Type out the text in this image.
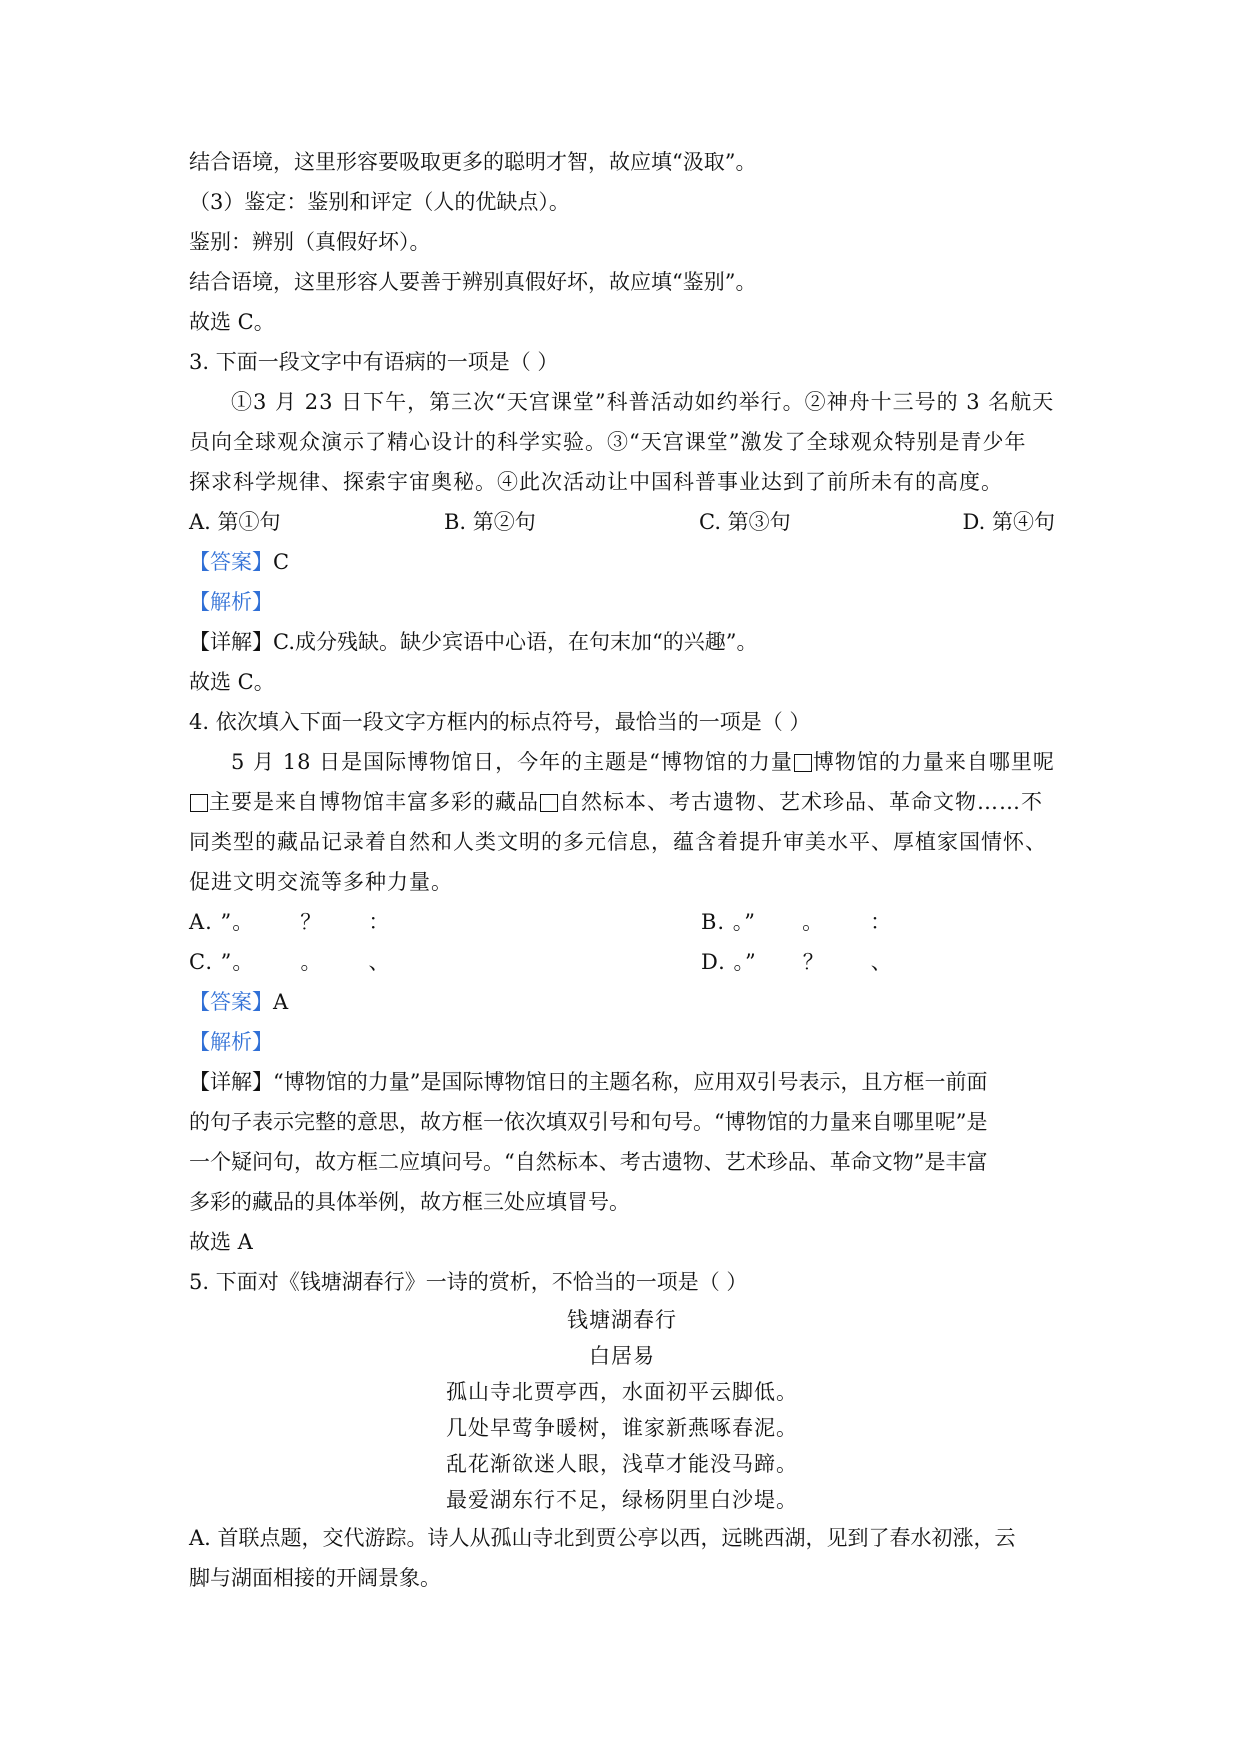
结合语境，这里形容要吸取更多的聪明才智，故应填“汲取”。
（3）鉴定：鉴别和评定（人的优缺点）。
鉴别：辨别（真假好坏）。
结合语境，这里形容人要善于辨别真假好坏，故应填“鉴别”。
故选 C。
3. 下面一段文字中有语病的一项是（ ）
①3 月 23 日下午，第三次“天宫课堂”科普活动如约举行。②神舟十三号的 3 名航天
员向全球观众演示了精心设计的科学实验。③“天宫课堂”激发了全球观众特别是青少年
探求科学规律、探索宇宙奥秘。④此次活动让中国科普事业达到了前所未有的高度。
A. 第①句	B. 第②句	C. 第③句	D. 第④句
【答案】C
【解析】
【详解】C.成分残缺。缺少宾语中心语，在句末加“的兴趣”。
故选 C。
4. 依次填入下面一段文字方框内的标点符号，最恰当的一项是（ ）
5 月 18 日是国际博物馆日，今年的主题是“博物馆的力量 博物馆的力量来自哪里呢
主要是来自博物馆丰富多彩的藏品 自然标本、考古遗物、艺术珍品、革命文物……不
同类型的藏品记录着自然和人类文明的多元信息，蕴含着提升审美水平、厚植家国情怀、
促进文明交流等多种力量。
A. ”。      ？      ：	B. 。”      。      ：
C. ”。      。      、	D. 。”      ？      、
【答案】A
【解析】
【详解】“博物馆的力量”是国际博物馆日的主题名称，应用双引号表示，且方框一前面
的句子表示完整的意思，故方框一依次填双引号和句号。“博物馆的力量来自哪里呢”是
一个疑问句，故方框二应填问号。“自然标本、考古遗物、艺术珍品、革命文物”是丰富
多彩的藏品的具体举例，故方框三处应填冒号。
故选 A
5. 下面对《钱塘湖春行》一诗的赏析，不恰当的一项是（ ）
钱塘湖春行
白居易
孤山寺北贾亭西，水面初平云脚低。
几处早莺争暖树，谁家新燕啄春泥。
乱花渐欲迷人眼，浅草才能没马蹄。
最爱湖东行不足，绿杨阴里白沙堤。
A. 首联点题，交代游踪。诗人从孤山寺北到贾公亭以西，远眺西湖，见到了春水初涨，云
脚与湖面相接的开阔景象。
